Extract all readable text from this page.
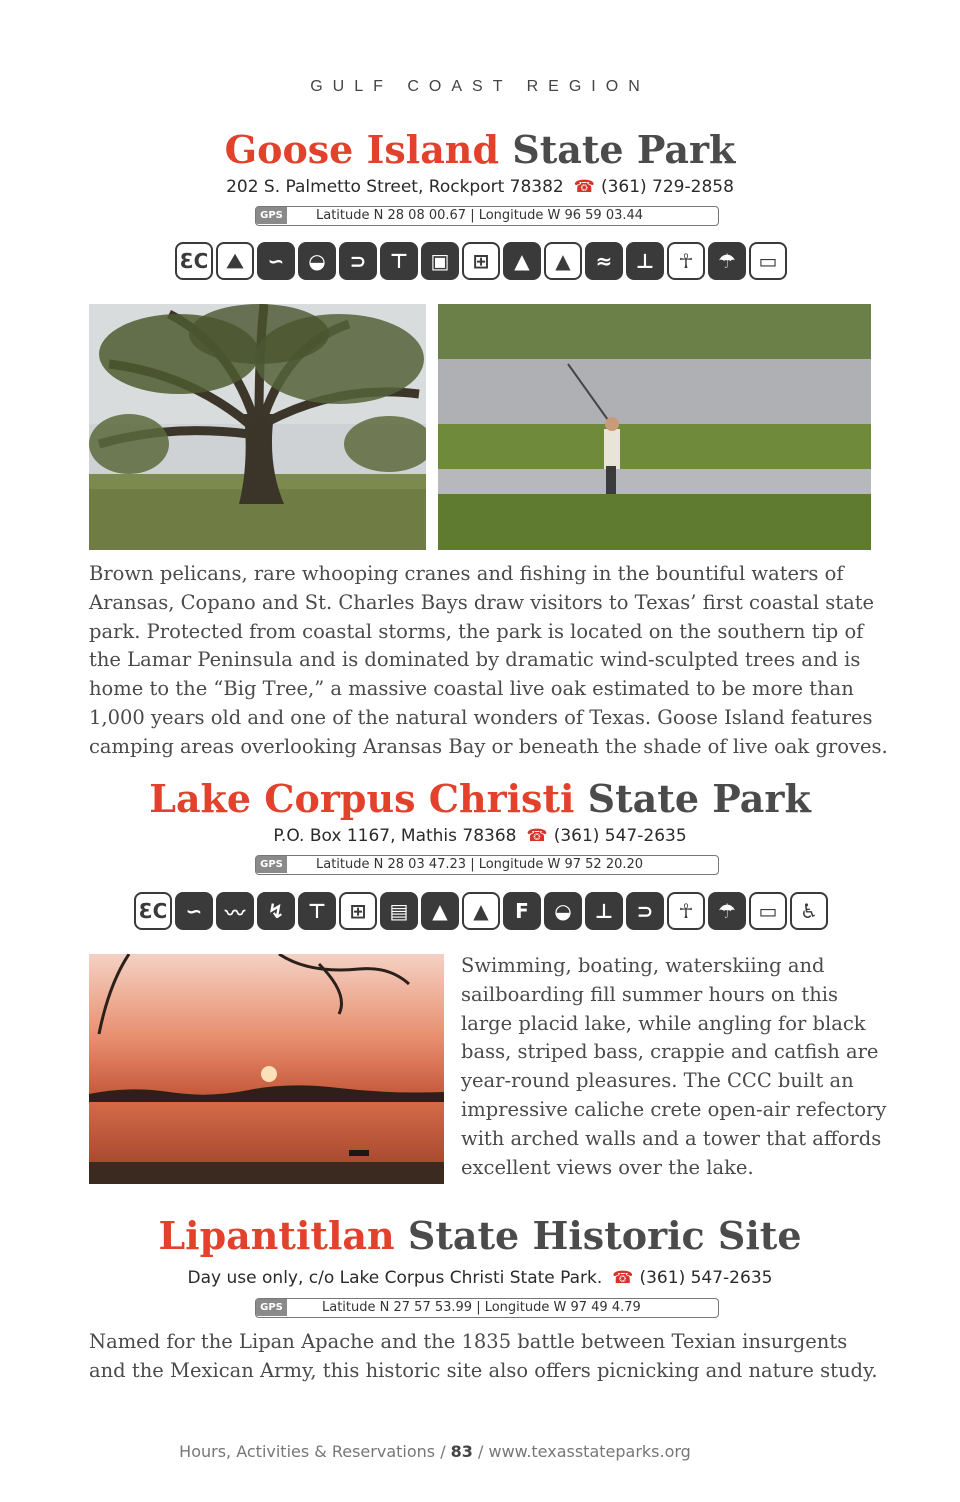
GULF COAST REGION
Goose Island State Park
202 S. Palmetto Street, Rockport 78382 ☎ (361) 729-2858
GPS	Latitude N 28 08 00.67 | Longitude W 96 59 03.44
ƐC ⛰	∽	◒	⊃	⊤	▣	⊞	▲	▲	≈	⊥	☥	☂	▭
Brown pelicans, rare whooping cranes and fishing in the bountiful waters of Aransas, Copano and St. Charles Bays draw visitors to Texas’ first coastal state park. Protected from coastal storms, the park is located on the southern tip of the Lamar Peninsula and is dominated by dramatic wind-sculpted trees and is home to the “Big Tree,” a massive coastal live oak estimated to be more than 1,000 years old and one of the natural wonders of Texas. Goose Island features camping areas overlooking Aransas Bay or beneath the shade of live oak groves.
Lake Corpus Christi State Park
P.O. Box 1167, Mathis 78368 ☎ (361) 547-2635
GPS	Latitude N 28 03 47.23 | Longitude W 97 52 20.20
ƐC ∽	〰	↯	⊤	⊞	▤	▲	▲	F	◒	⊥	⊃	☥	☂	▭	♿
Swimming, boating, waterskiing and sailboarding fill summer hours on this large placid lake, while angling for black bass, striped bass, crappie and catfish are year-round pleasures. The CCC built an impressive caliche crete open-air refectory with arched walls and a tower that affords excellent views over the lake.
Lipantitlan State Historic Site
Day use only, c/o Lake Corpus Christi State Park. ☎ (361) 547-2635
GPS	Latitude N 27 57 53.99 | Longitude W 97 49 4.79
Named for the Lipan Apache and the 1835 battle between Texian insurgents and the Mexican Army, this historic site also offers picnicking and nature study.
Hours, Activities & Reservations / 83 / www.texasstateparks.org
